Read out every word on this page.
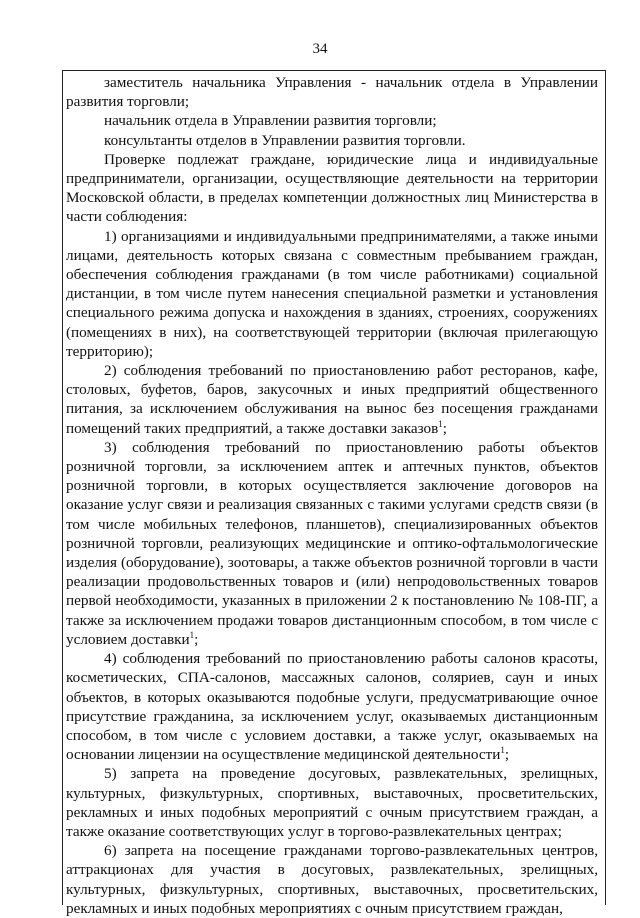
34

заместитель начальника Управления - начальник отдела в Управлении развития торговли;

начальник отдела в Управлении развития торговли;

консультанты отделов в Управлении развития торговли.

Проверке подлежат граждане, юридические лица и индивидуальные предприниматели, организации, осуществляющие деятельности на территории Московской области, в пределах компетенции должностных лиц Министерства в части соблюдения:

1) организациями и индивидуальными предпринимателями, а также иными лицами, деятельность которых связана с совместным пребыванием граждан, обеспечения соблюдения гражданами (в том числе работниками) социальной дистанции, в том числе путем нанесения специальной разметки и установления специального режима допуска и нахождения в зданиях, строениях, сооружениях (помещениях в них), на соответствующей территории (включая прилегающую территорию);

2) соблюдения требований по приостановлению работ ресторанов, кафе, столовых, буфетов, баров, закусочных и иных предприятий общественного питания, за исключением обслуживания на вынос без посещения гражданами помещений таких предприятий, а также доставки заказов$^1$;

3) соблюдения требований по приостановлению работы объектов розничной торговли, за исключением аптек и аптечных пунктов, объектов розничной торговли, в которых осуществляется заключение договоров на оказание услуг связи и реализация связанных с такими услугами средств связи (в том числе мобильных телефонов, планшетов), специализированных объектов розничной торговли, реализующих медицинские и оптико-офтальмологические изделия (оборудование), зоотовары, а также объектов розничной торговли в части реализации продовольственных товаров и (или) непродовольственных товаров первой необходимости, указанных в приложении 2 к постановлению № 108-ПГ, а также за исключением продажи товаров дистанционным способом, в том числе с условием доставки$^1$;

4) соблюдения требований по приостановлению работы салонов красоты, косметических, СПА-салонов, массажных салонов, соляриев, саун и иных объектов, в которых оказываются подобные услуги, предусматривающие очное присутствие гражданина, за исключением услуг, оказываемых дистанционным способом, в том числе с условием доставки, а также услуг, оказываемых на основании лицензии на осуществление медицинской деятельности$^1$;

5) запрета на проведение досуговых, развлекательных, зрелищных, культурных, физкультурных, спортивных, выставочных, просветительских, рекламных и иных подобных мероприятий с очным присутствием граждан, а также оказание соответствующих услуг в торгово-развлекательных центрах;

6) запрета на посещение гражданами торгово-развлекательных центров, аттракционах для участия в досуговых, развлекательных, зрелищных, культурных, физкультурных, спортивных, выставочных, просветительских, рекламных и иных подобных мероприятиях с очным присутствием граждан,
